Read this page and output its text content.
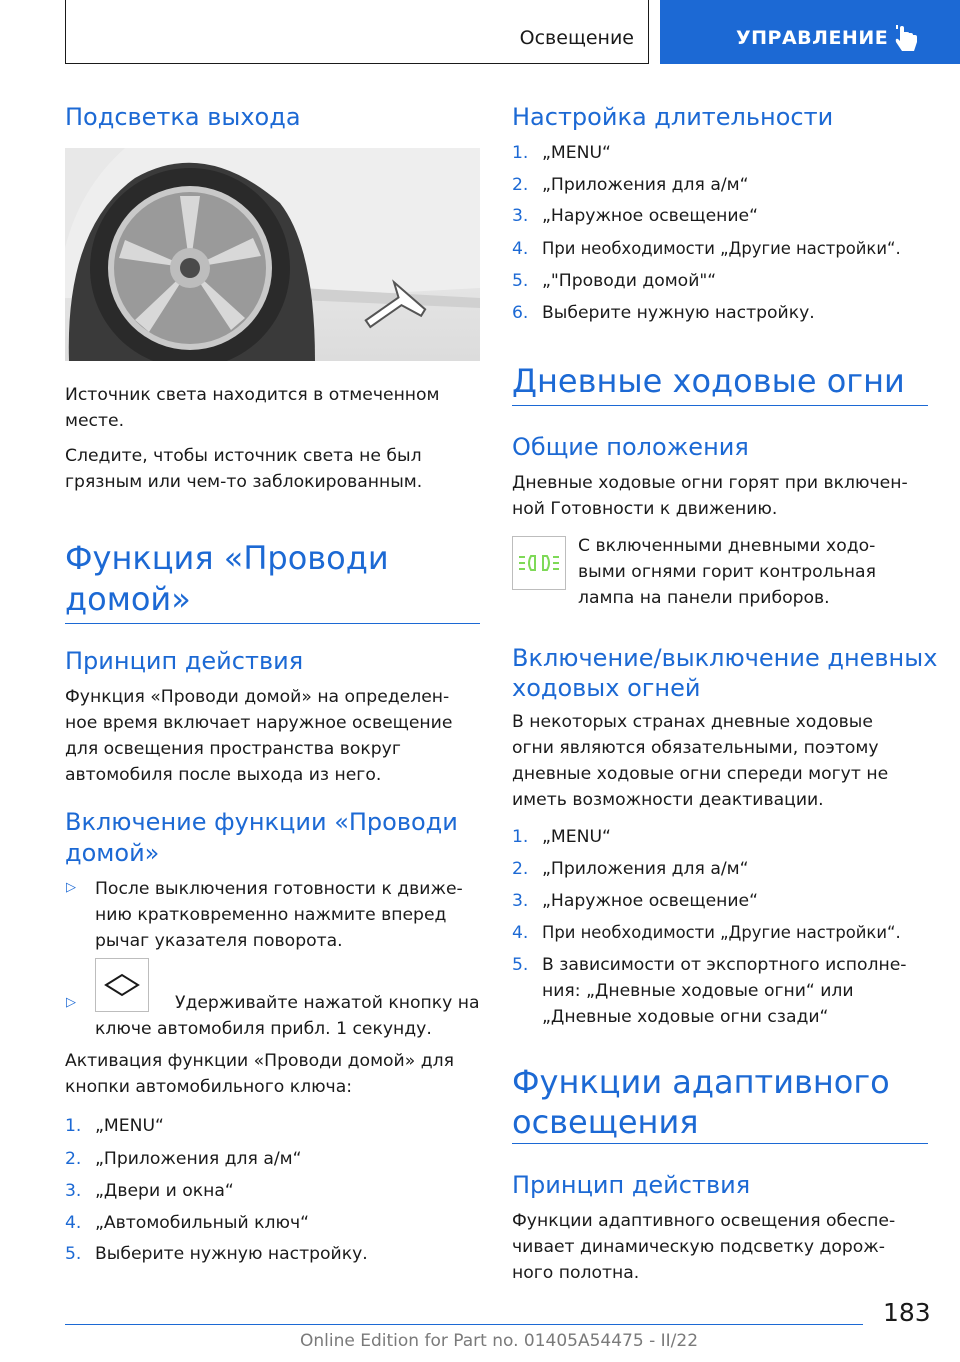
Освещение	УПРАВЛЕНИЕ
Подсветка выхода

Источник света находится в отмеченном

месте.

Следите, чтобы источник света не был

грязным или чем-то заблокированным.

Функция «Проводи
домой»
Принцип действия

Функция «Проводи домой» на определен-

ное время включает наружное освещение

для освещения пространства вокруг

автомобиля после выхода из него.

Включение функции «Проводи
домой»
▷ После выключения готовности к движе-

нию кратковременно нажмите вперед

рычаг указателя поворота.

▷	Удерживайте нажатой кнопку на

ключе автомобиля прибл. 1 секунду.

Активация функции «Проводи домой» для

кнопки автомобильного ключа:

1. „MENU“
2. „Приложения для а/м“
3. „Двери и окна“
4. „Автомобильный ключ“
5. Выберите нужную настройку.
Настройка длительности
1. „MENU“
2. „Приложения для а/м“
3. „Наружное освещение“
4. При необходимости „Другие настройки“.
5. „"Проводи домой"“
6. Выберите нужную настройку.
Дневные ходовые огни
Общие положения

Дневные ходовые огни горят при включен-

ной Готовности к движению.

С включенными дневными ходо-

выми огнями горит контрольная

лампа на панели приборов.

Включение/выключение дневных
ходовых огней

В некоторых странах дневные ходовые

огни являются обязательными, поэтому

дневные ходовые огни спереди могут не

иметь возможности деактивации.

1. „MENU“
2. „Приложения для а/м“
3. „Наружное освещение“
4. При необходимости „Другие настройки“.
5. В зависимости от экспортного исполне-

ния: „Дневные ходовые огни“ или

„Дневные ходовые огни сзади“

Функции адаптивного
освещения
Принцип действия

Функции адаптивного освещения обеспе-

чивает динамическую подсветку дорож-

ного полотна.

183
Online Edition for Part no. 01405A54475 - II/22
